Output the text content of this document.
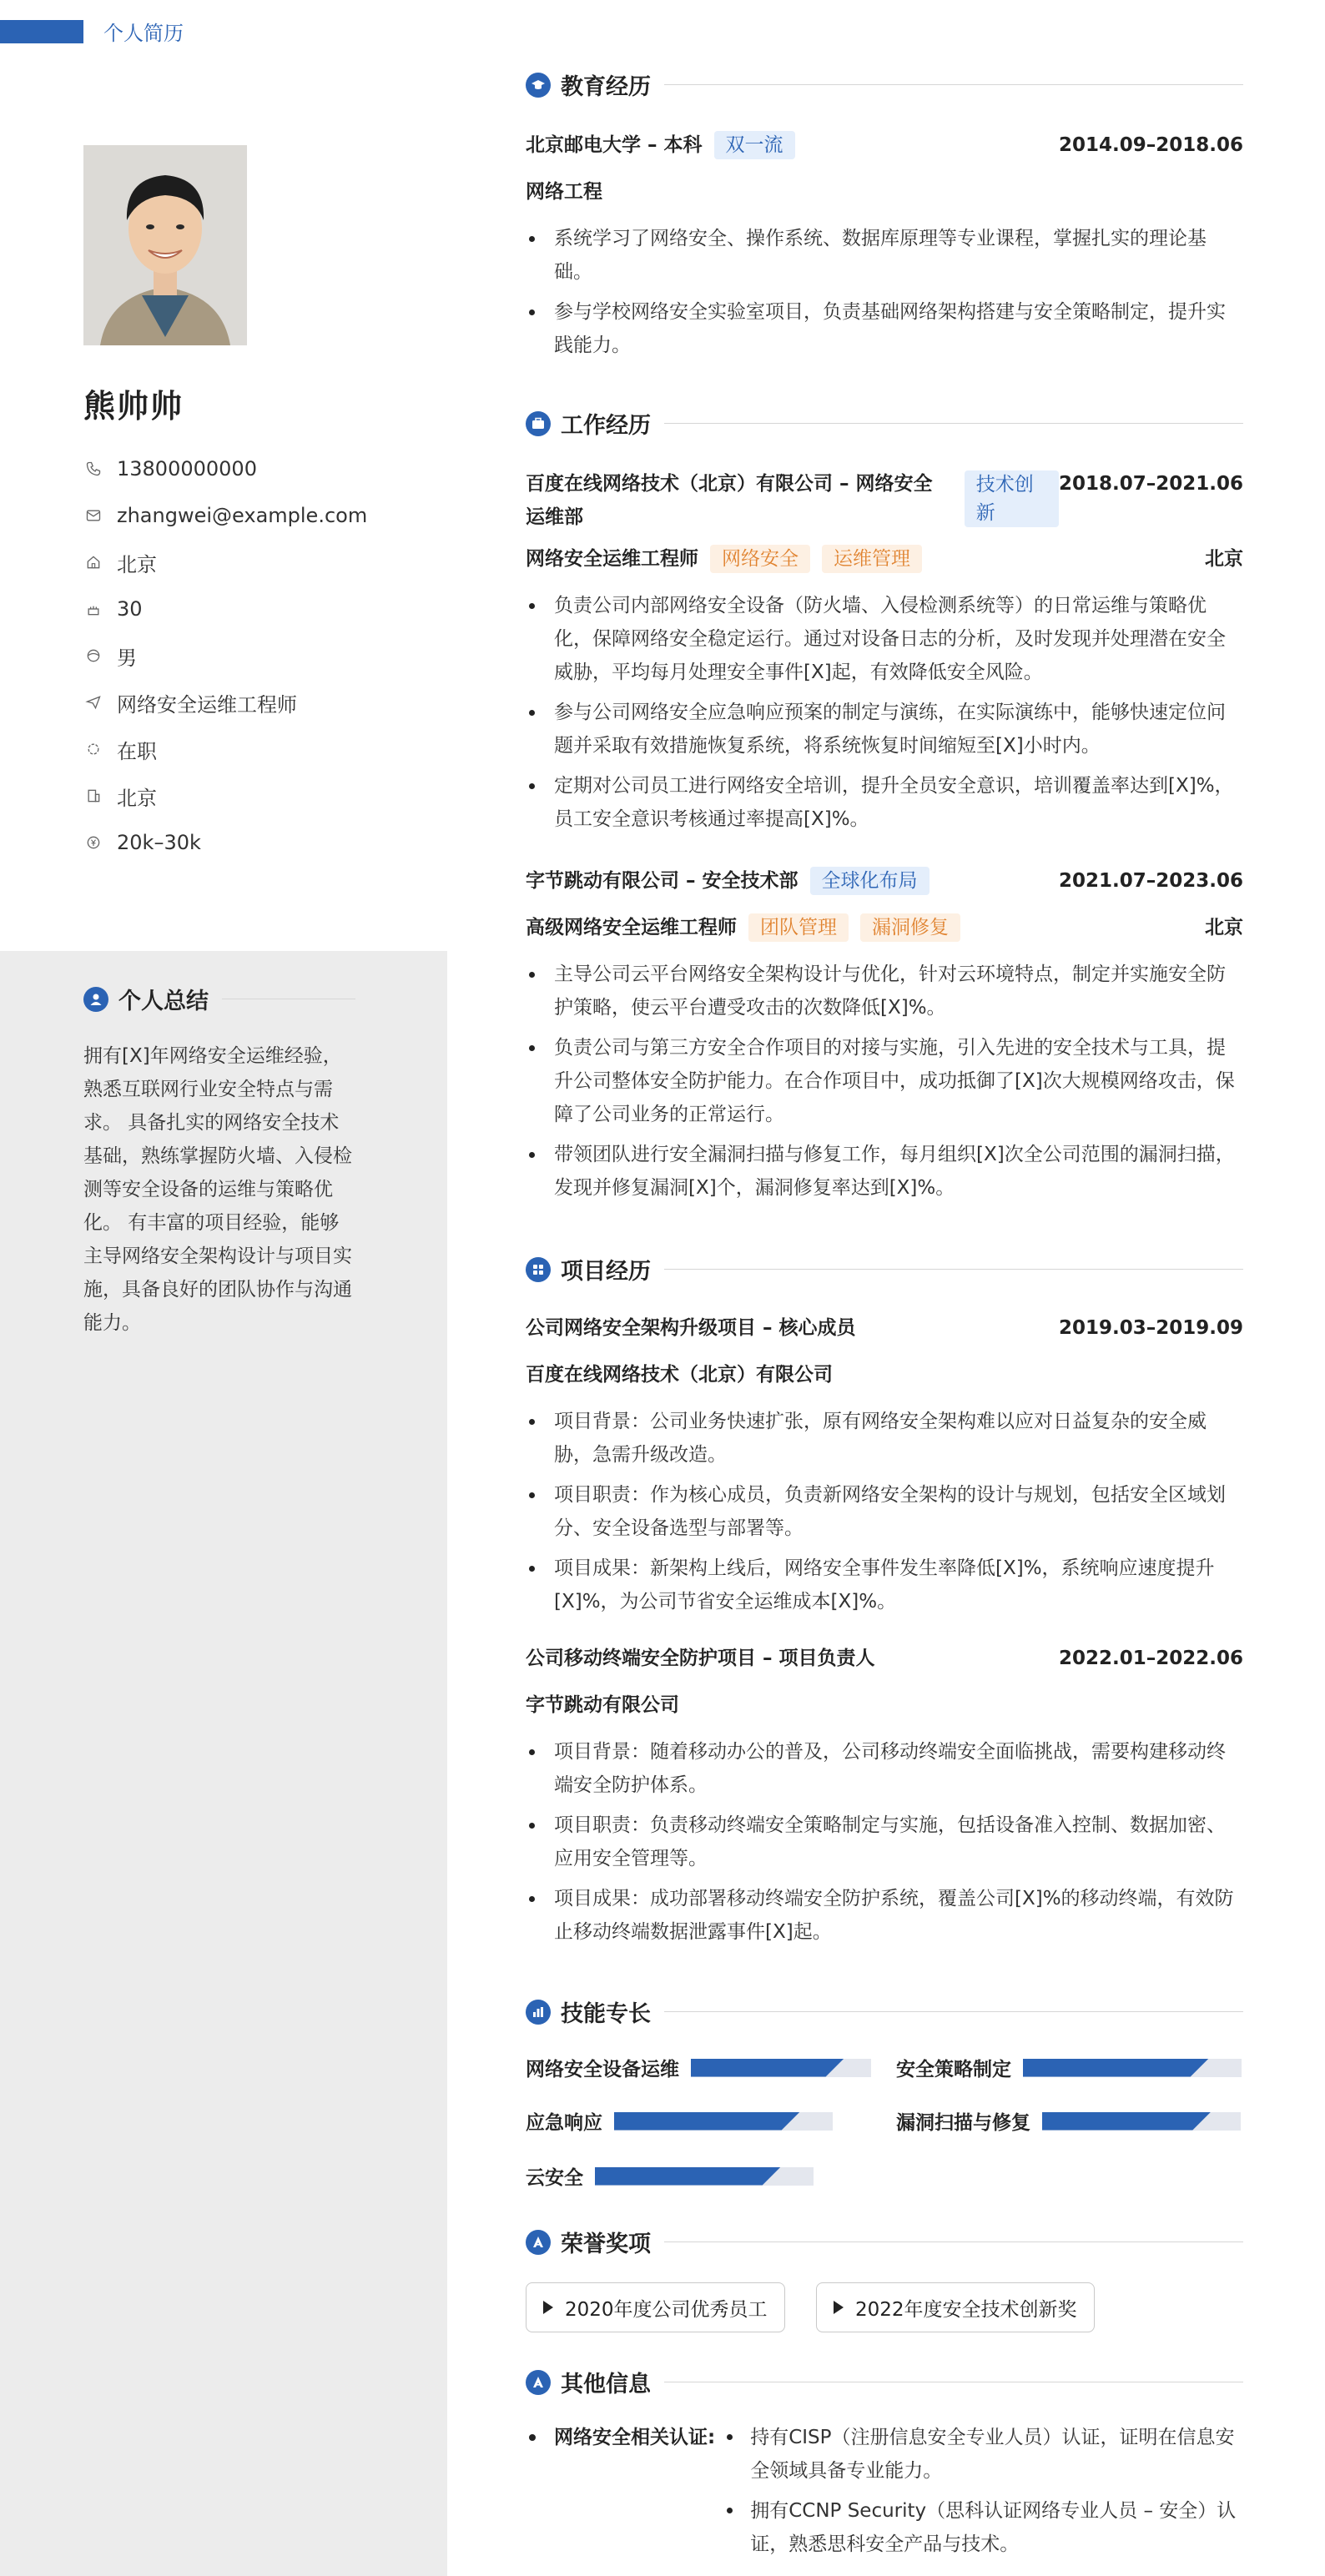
个人简历
熊帅帅
13800000000
zhangwei@example.com
北京
30
男
网络安全运维工程师
在职
北京
20k–30k
个人总结
拥有[X]年网络安全运维经验，熟悉互联网行业安全特点与需求。 具备扎实的网络安全技术基础，熟练掌握防火墙、入侵检测等安全设备的运维与策略优化。 有丰富的项目经验，能够主导网络安全架构设计与项目实施，具备良好的团队协作与沟通能力。
教育经历
北京邮电大学 – 本科 双一流	2014.09–2018.06
网络工程
系统学习了网络安全、操作系统、数据库原理等专业课程，掌握扎实的理论基础。
参与学校网络安全实验室项目，负责基础网络架构搭建与安全策略制定，提升实践能力。
工作经历
百度在线网络技术（北京）有限公司 – 网络安全运维部
技术创新
2018.07–2021.06
网络安全运维工程师 网络安全 运维管理	北京
负责公司内部网络安全设备（防火墙、入侵检测系统等）的日常运维与策略优化，保障网络安全稳定运行。通过对设备日志的分析，及时发现并处理潜在安全威胁，平均每月处理安全事件[X]起，有效降低安全风险。
参与公司网络安全应急响应预案的制定与演练，在实际演练中，能够快速定位问题并采取有效措施恢复系统，将系统恢复时间缩短至[X]小时内。
定期对公司员工进行网络安全培训，提升全员安全意识，培训覆盖率达到[X]%，员工安全意识考核通过率提高[X]%。
字节跳动有限公司 – 安全技术部 全球化布局	2021.07–2023.06
高级网络安全运维工程师 团队管理 漏洞修复	北京
主导公司云平台网络安全架构设计与优化，针对云环境特点，制定并实施安全防护策略，使云平台遭受攻击的次数降低[X]%。
负责公司与第三方安全合作项目的对接与实施，引入先进的安全技术与工具，提升公司整体安全防护能力。在合作项目中，成功抵御了[X]次大规模网络攻击，保障了公司业务的正常运行。
带领团队进行安全漏洞扫描与修复工作，每月组织[X]次全公司范围的漏洞扫描，发现并修复漏洞[X]个，漏洞修复率达到[X]%。
项目经历
公司网络安全架构升级项目 – 核心成员	2019.03–2019.09
百度在线网络技术（北京）有限公司
项目背景：公司业务快速扩张，原有网络安全架构难以应对日益复杂的安全威胁，急需升级改造。
项目职责：作为核心成员，负责新网络安全架构的设计与规划，包括安全区域划分、安全设备选型与部署等。
项目成果：新架构上线后，网络安全事件发生率降低[X]%，系统响应速度提升[X]%，为公司节省安全运维成本[X]%。
公司移动终端安全防护项目 – 项目负责人	2022.01–2022.06
字节跳动有限公司
项目背景：随着移动办公的普及，公司移动终端安全面临挑战，需要构建移动终端安全防护体系。
项目职责：负责移动终端安全策略制定与实施，包括设备准入控制、数据加密、应用安全管理等。
项目成果：成功部署移动终端安全防护系统，覆盖公司[X]%的移动终端，有效防止移动终端数据泄露事件[X]起。
技能专长
网络安全设备运维	安全策略制定
应急响应	漏洞扫描与修复
云安全
荣誉奖项
2020年度公司优秀员工	2022年度安全技术创新奖
其他信息
网络安全相关认证:	持有CISP（注册信息安全专业人员）认证，证明在信息安全领域具备专业能力。
拥有CCNP Security（思科认证网络专业人员 – 安全）认证，熟悉思科安全产品与技术。
